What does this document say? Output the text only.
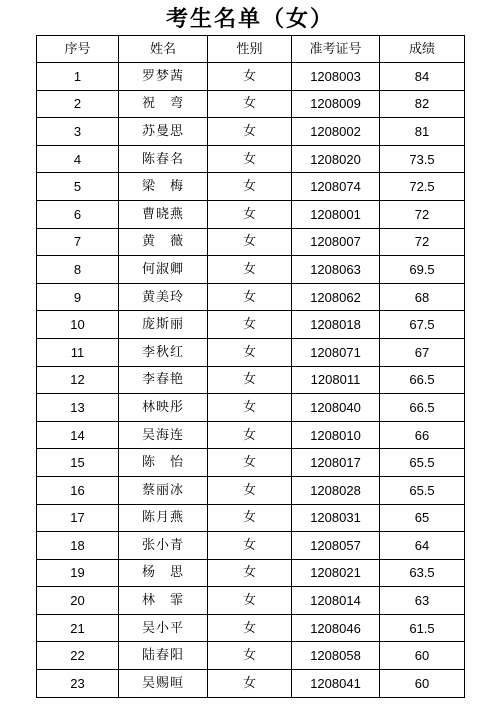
考生名单（女）
序号	姓名	性别	准考证号	成绩
1	罗梦茜	女	1208003	84
2	祝　弯	女	1208009	82
3	苏曼思	女	1208002	81
4	陈春名	女	1208020	73.5
5	梁　梅	女	1208074	72.5
6	曹晓燕	女	1208001	72
7	黄　薇	女	1208007	72
8	何淑卿	女	1208063	69.5
9	黄美玲	女	1208062	68
10	庞斯丽	女	1208018	67.5
11	李秋红	女	1208071	67
12	李春艳	女	1208011	66.5
13	林映彤	女	1208040	66.5
14	吴海连	女	1208010	66
15	陈　怡	女	1208017	65.5
16	蔡丽冰	女	1208028	65.5
17	陈月燕	女	1208031	65
18	张小青	女	1208057	64
19	杨　思	女	1208021	63.5
20	林　霏	女	1208014	63
21	吴小平	女	1208046	61.5
22	陆春阳	女	1208058	60
23	吴赐晅	女	1208041	60
